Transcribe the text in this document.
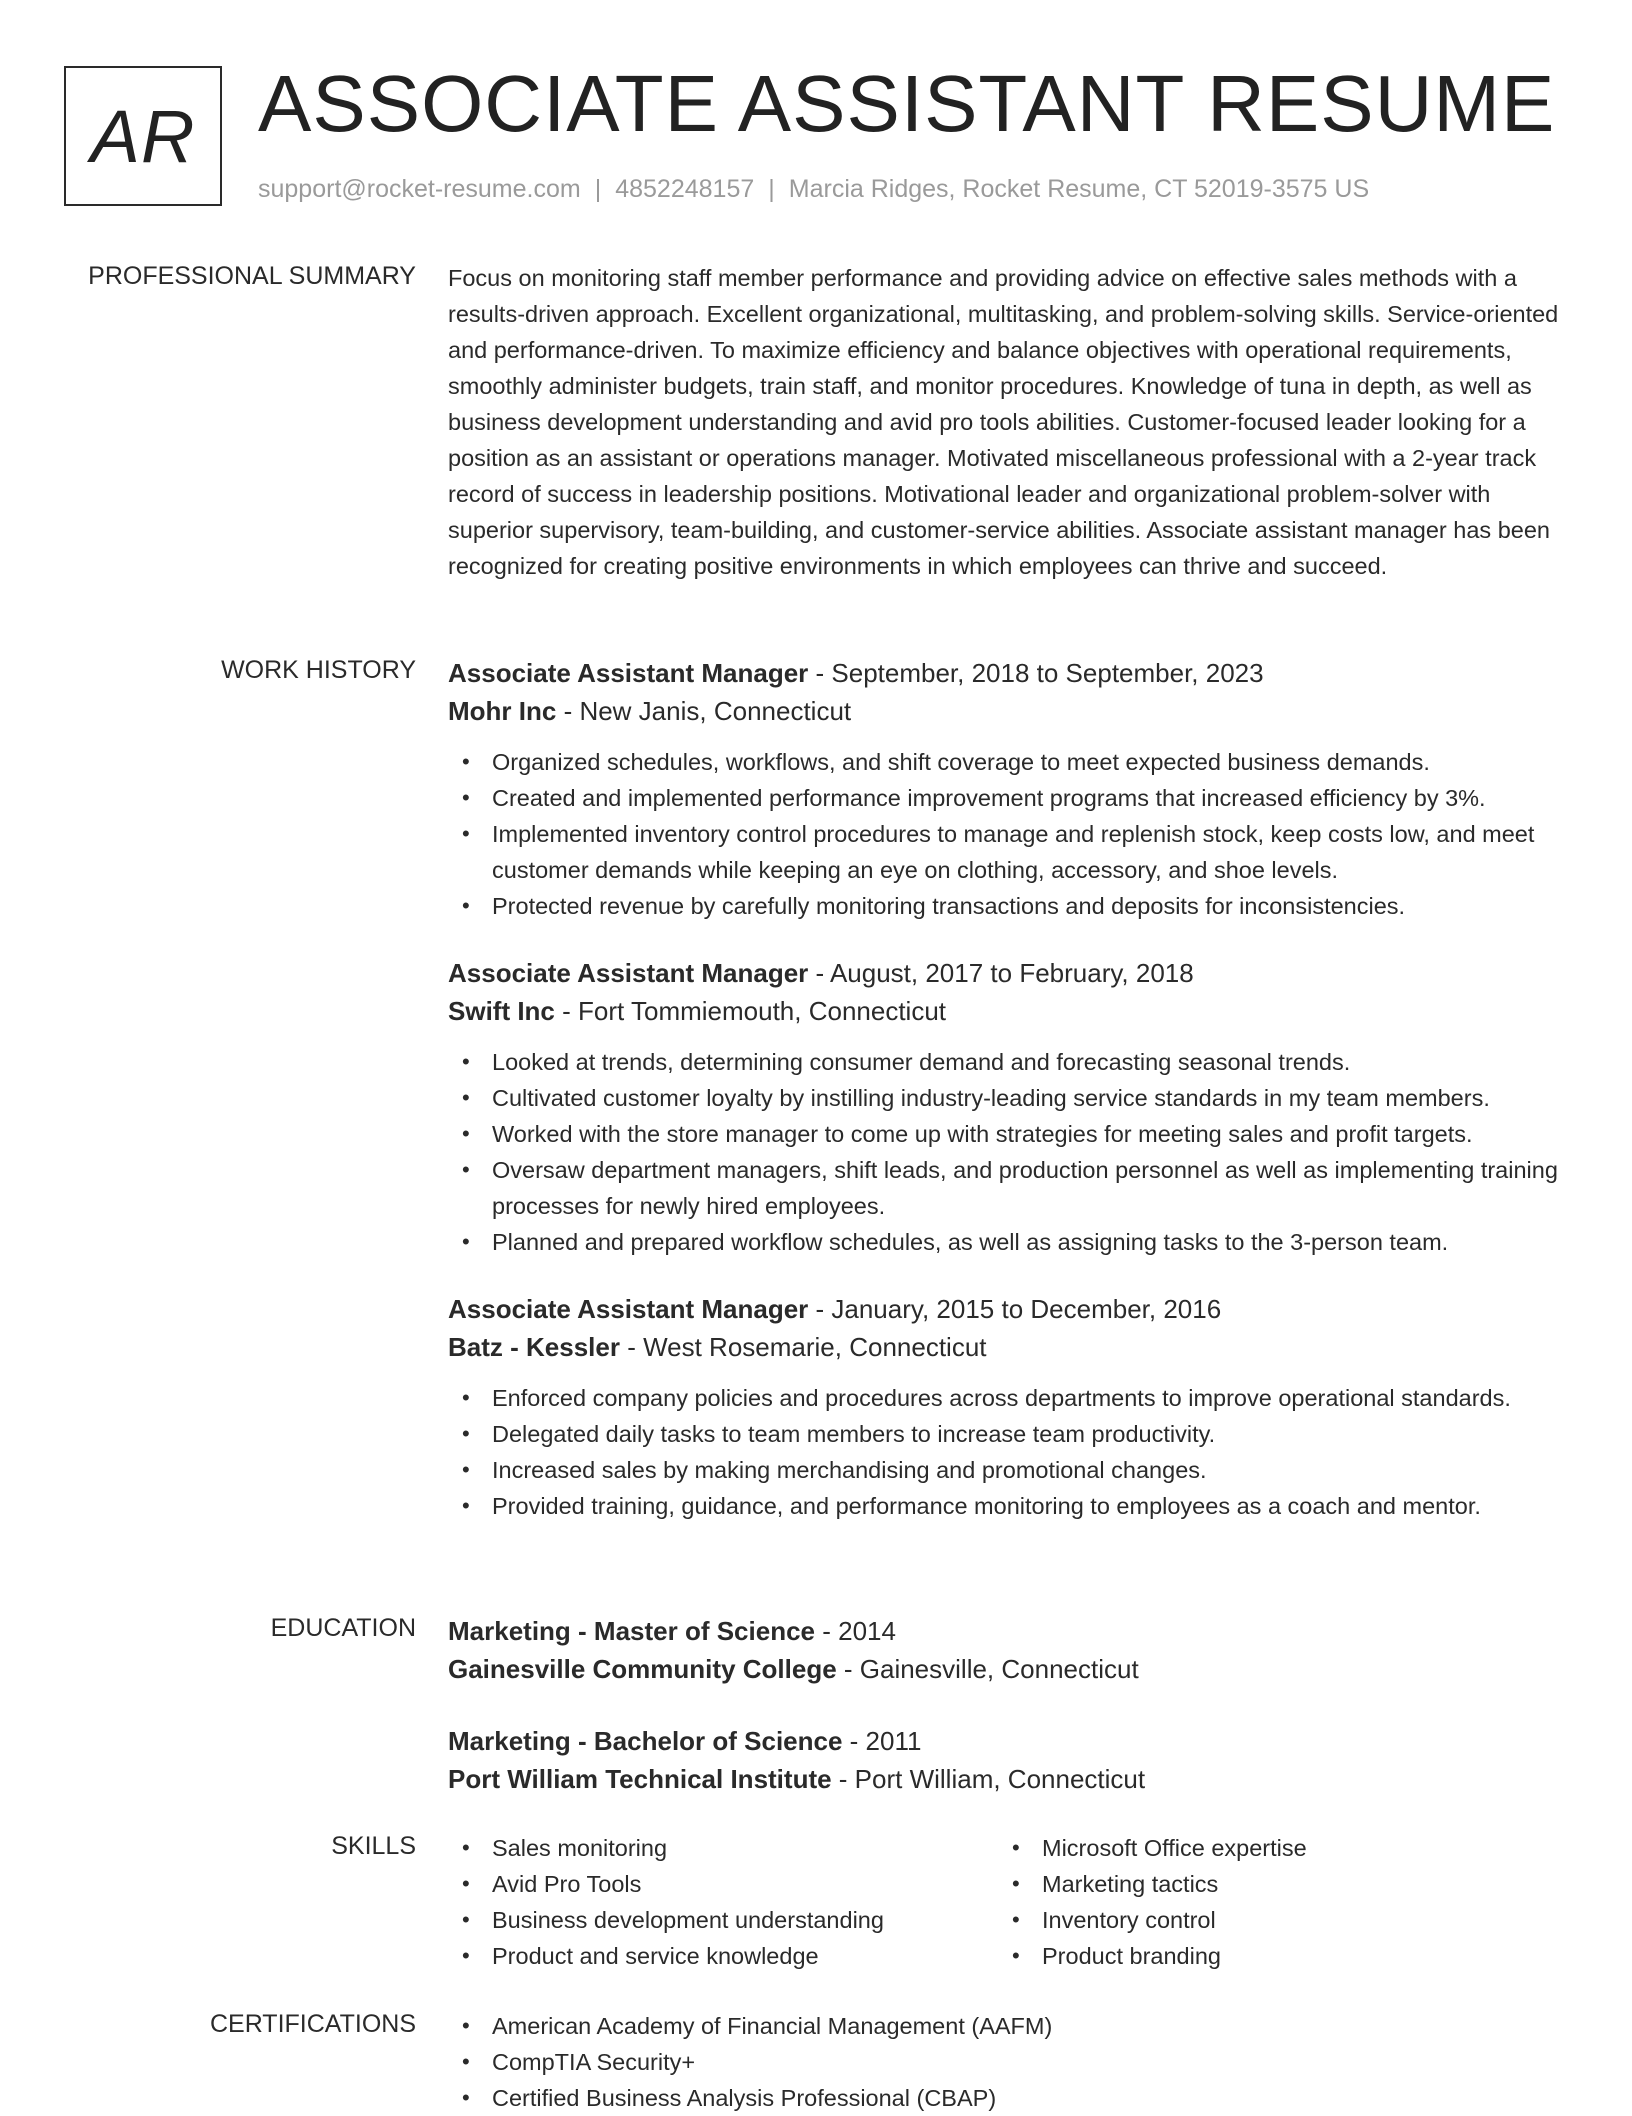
AR ASSOCIATE ASSISTANT RESUME
support@rocket-resume.com | 4852248157 | Marcia Ridges, Rocket Resume, CT 52019-3575 US
PROFESSIONAL SUMMARY Focus on monitoring staff member performance and providing advice on effective sales methods with a results-driven approach. Excellent organizational, multitasking, and problem-solving skills. Service-oriented and performance-driven. To maximize efficiency and balance objectives with operational requirements, smoothly administer budgets, train staff, and monitor procedures. Knowledge of tuna in depth, as well as business development understanding and avid pro tools abilities. Customer-focused leader looking for a position as an assistant or operations manager. Motivated miscellaneous professional with a 2-year track record of success in leadership positions. Motivational leader and organizational problem-solver with superior supervisory, team-building, and customer-service abilities. Associate assistant manager has been recognized for creating positive environments in which employees can thrive and succeed.

WORK HISTORY Associate Assistant Manager - September, 2018 to September, 2023
Mohr Inc - New Janis, Connecticut
• Organized schedules, workflows, and shift coverage to meet expected business demands.
• Created and implemented performance improvement programs that increased efficiency by 3%.
• Implemented inventory control procedures to manage and replenish stock, keep costs low, and meet customer demands while keeping an eye on clothing, accessory, and shoe levels.
• Protected revenue by carefully monitoring transactions and deposits for inconsistencies.
Associate Assistant Manager - August, 2017 to February, 2018
Swift Inc - Fort Tommiemouth, Connecticut
• Looked at trends, determining consumer demand and forecasting seasonal trends.
• Cultivated customer loyalty by instilling industry-leading service standards in my team members.
• Worked with the store manager to come up with strategies for meeting sales and profit targets.
• Oversaw department managers, shift leads, and production personnel as well as implementing training processes for newly hired employees.
• Planned and prepared workflow schedules, as well as assigning tasks to the 3-person team.
Associate Assistant Manager - January, 2015 to December, 2016
Batz - Kessler - West Rosemarie, Connecticut
• Enforced company policies and procedures across departments to improve operational standards.
• Delegated daily tasks to team members to increase team productivity.
• Increased sales by making merchandising and promotional changes.
• Provided training, guidance, and performance monitoring to employees as a coach and mentor.
EDUCATION Marketing - Master of Science - 2014
Gainesville Community College - Gainesville, Connecticut
Marketing - Bachelor of Science - 2011
Port William Technical Institute - Port William, Connecticut
SKILLS	• Sales monitoring
• Avid Pro Tools
• Business development understanding
• Product and service knowledge
• Microsoft Office expertise
• Marketing tactics
• Inventory control
• Product branding
CERTIFICATIONS	• American Academy of Financial Management (AAFM)
• CompTIA Security+
• Certified Business Analysis Professional (CBAP)
